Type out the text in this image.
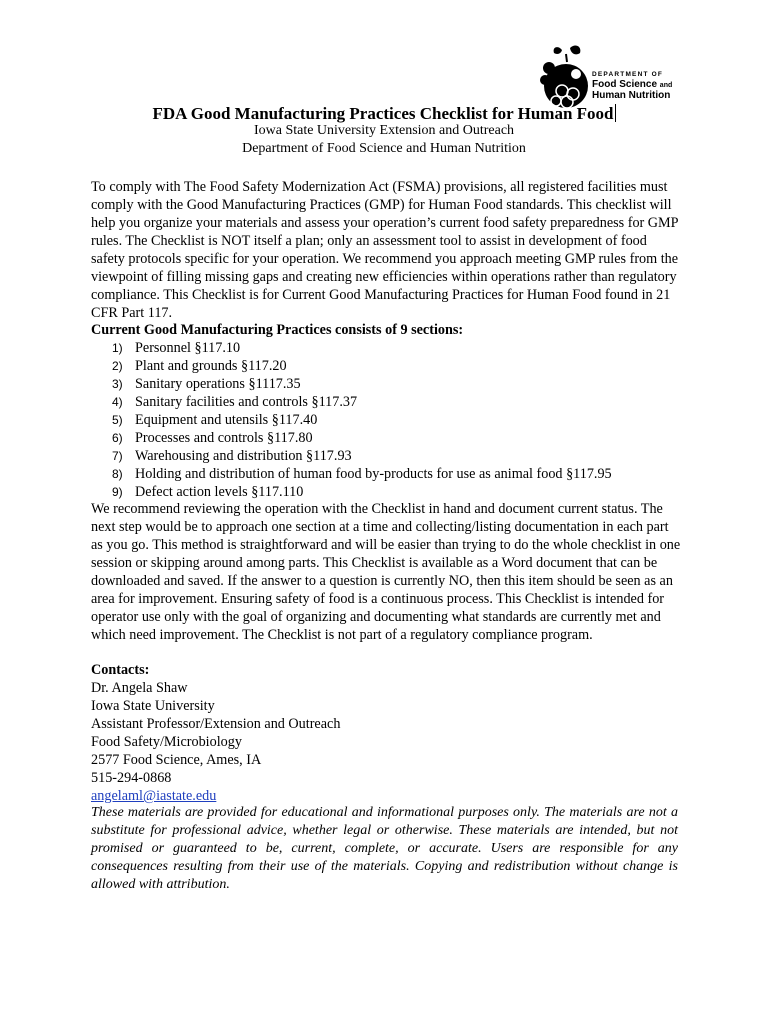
DEPARTMENT OF
Food Science and
Human Nutrition
FDA Good Manufacturing Practices Checklist for Human Food
Iowa State University Extension and Outreach
Department of Food Science and Human Nutrition
To comply with The Food Safety Modernization Act (FSMA) provisions, all registered facilities must comply with the Good Manufacturing Practices (GMP) for Human Food standards. This checklist will help you organize your materials and assess your operation’s current food safety preparedness for GMP rules. The Checklist is NOT itself a plan; only an assessment tool to assist in development of food safety protocols specific for your operation. We recommend you approach meeting GMP rules from the viewpoint of filling missing gaps and creating new efficiencies within operations rather than regulatory compliance. This Checklist is for Current Good Manufacturing Practices for Human Food found in 21 CFR Part 117.
Current Good Manufacturing Practices consists of 9 sections:
1) Personnel §117.10
2) Plant and grounds §117.20
3) Sanitary operations §1117.35
4) Sanitary facilities and controls §117.37
5) Equipment and utensils §117.40
6) Processes and controls §117.80
7) Warehousing and distribution §117.93
8) Holding and distribution of human food by-products for use as animal food §117.95
9) Defect action levels §117.110
We recommend reviewing the operation with the Checklist in hand and document current status. The next step would be to approach one section at a time and collecting/listing documentation in each part as you go. This method is straightforward and will be easier than trying to do the whole checklist in one session or skipping around among parts. This Checklist is available as a Word document that can be downloaded and saved. If the answer to a question is currently NO, then this item should be seen as an area for improvement. Ensuring safety of food is a continuous process. This Checklist is intended for operator use only with the goal of organizing and documenting what standards are currently met and which need improvement. The Checklist is not part of a regulatory compliance program.
Contacts:
Dr. Angela Shaw
Iowa State University
Assistant Professor/Extension and Outreach
Food Safety/Microbiology
2577 Food Science, Ames, IA
515-294-0868
angelaml@iastate.edu
These materials are provided for educational and informational purposes only. The materials are not a substitute for professional advice, whether legal or otherwise. These materials are intended, but not promised or guaranteed to be, current, complete, or accurate. Users are responsible for any consequences resulting from their use of the materials. Copying and redistribution without change is allowed with attribution.
